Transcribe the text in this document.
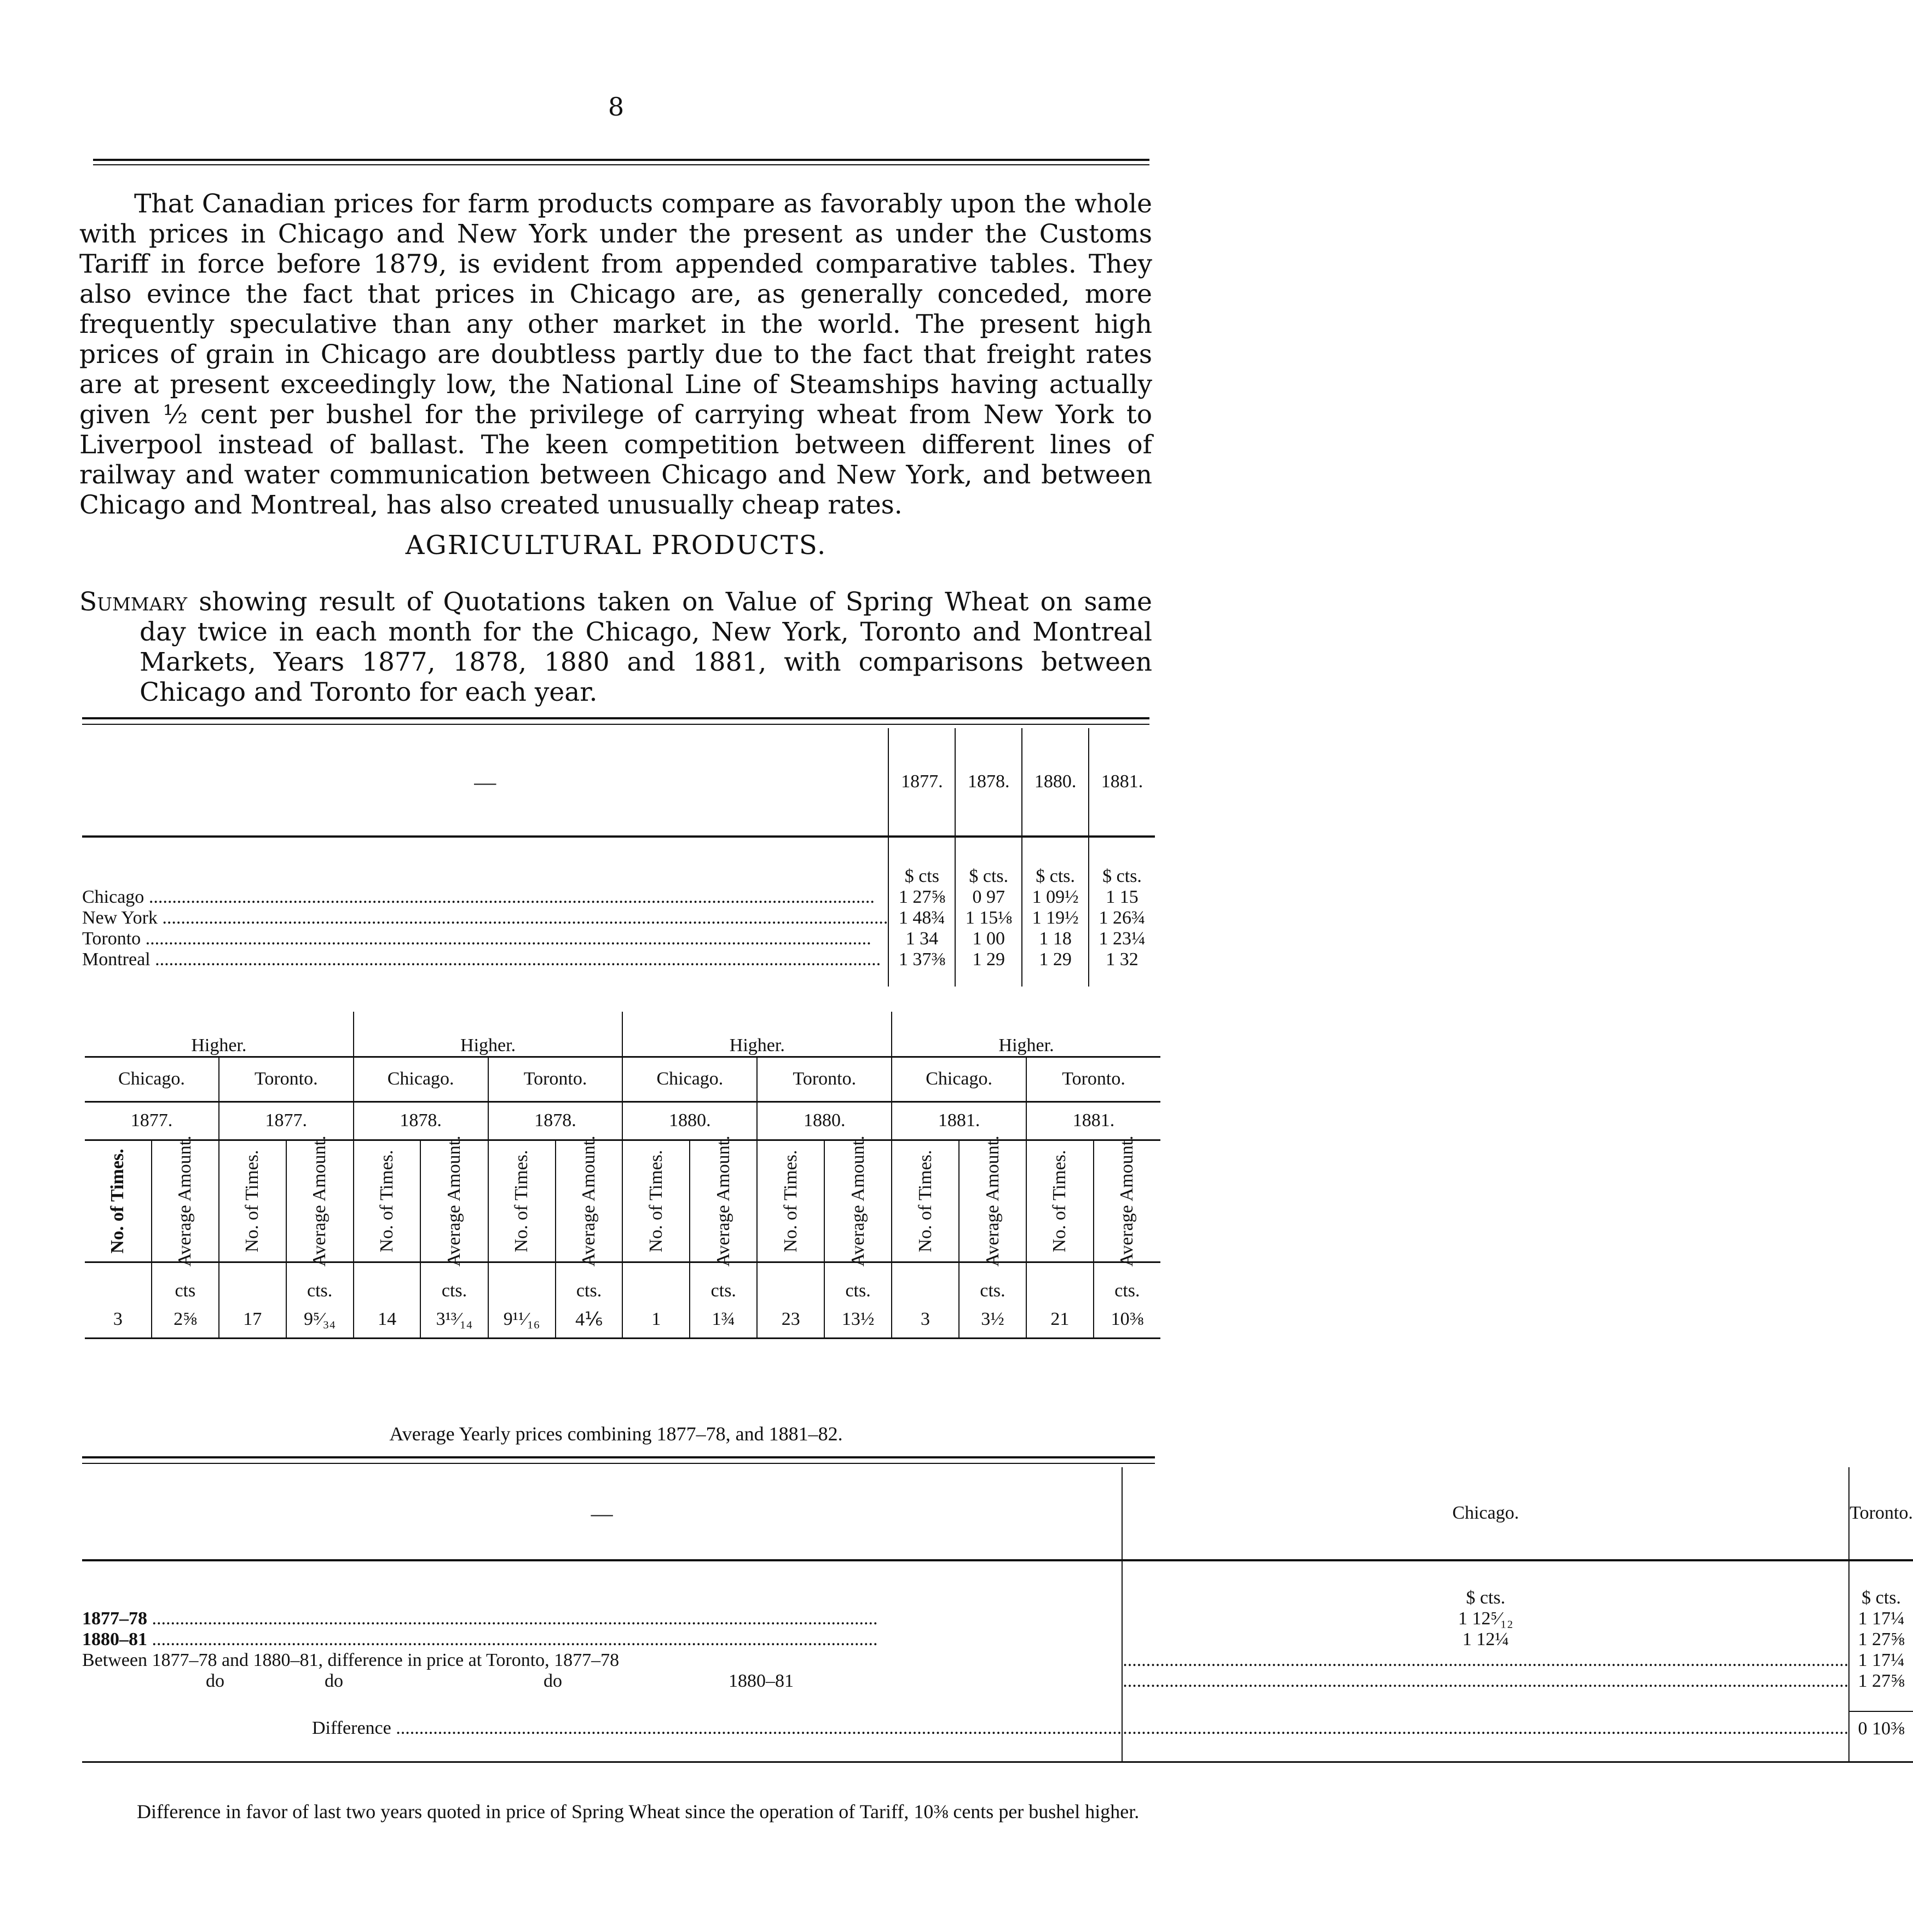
8

That Canadian prices for farm products compare as favorably upon the whole with prices in Chicago and New York under the present as under the Customs Tariff in force before 1879, is evident from appended comparative tables. They also evince the fact that prices in Chicago are, as generally conceded, more frequently speculative than any other market in the world. The present high prices of grain in Chicago are doubtless partly due to the fact that freight rates are at present exceedingly low, the National Line of Steamships having actually given ½ cent per bushel for the privilege of carrying wheat from New York to Liverpool instead of ballast. The keen competition between different lines of railway and water communication between Chicago and New York, and between Chicago and Montreal, has also created unusually cheap rates.

AGRICULTURAL PRODUCTS.

Summary showing result of Quotations taken on Value of Spring Wheat on same day twice in each month for the Chicago, New York, Toronto and Montreal Markets, Years 1877, 1878, 1880 and 1881, with comparisons between Chicago and Toronto for each year.

—	1877.	1878.	1880.	1881.

	$ cts	$ cts.	$ cts.	$ cts.
Chicago .....	1 27⅝	0 97	1 09½	1 15
New York .....	1 48¾	1 15⅛	1 19½	1 26¾
Toronto .....	1 34	1 00	1 18	1 23¼
Montreal .....	1 37⅜	1 29	1 29	1 32

Higher.				Higher.				Higher.				Higher.			
Chicago.		Toronto.		Chicago.		Toronto.		Chicago.		Toronto.		Chicago.		Toronto.	
1877.		1877.		1878.		1878.		1880.		1880.		1881.		1881.	

No. of Times.	Average Amount.	No. of Times.	Average Amount.	No. of Times.	Average Amount.	No. of Times.	Average Amount.	No. of Times.	Average Amount.	No. of Times.	Average Amount.	No. of Times.	Average Amount.	No. of Times.	Average Amount.

	cts		cts.		cts.		cts.		cts.		cts.		cts.		cts.
3	2⅝	17	9⁵⁄₃₄	14	3¹³⁄₁₄	9¹¹⁄₁₆	4⅙	1	1¾	23	13½	3	3½	21	10⅜

Average Yearly prices combining 1877–78, and 1881–82.
—	Chicago.	Toronto.

	$ cts.	$ cts.
1877–78 .....	1 12⁵⁄₁₂	1 17¼
1880–81 .....	1 12¼	1 27⅝
Between 1877–78 and 1880–81, difference in price at Toronto, 1877–78	.....	1 17¼
do do do 1880–81	.....	1 27⅝

Difference .....	.....	0 10⅜

Difference in favor of last two years quoted in price of Spring Wheat since the operation of Tariff, 10⅜ cents per bushel higher.
